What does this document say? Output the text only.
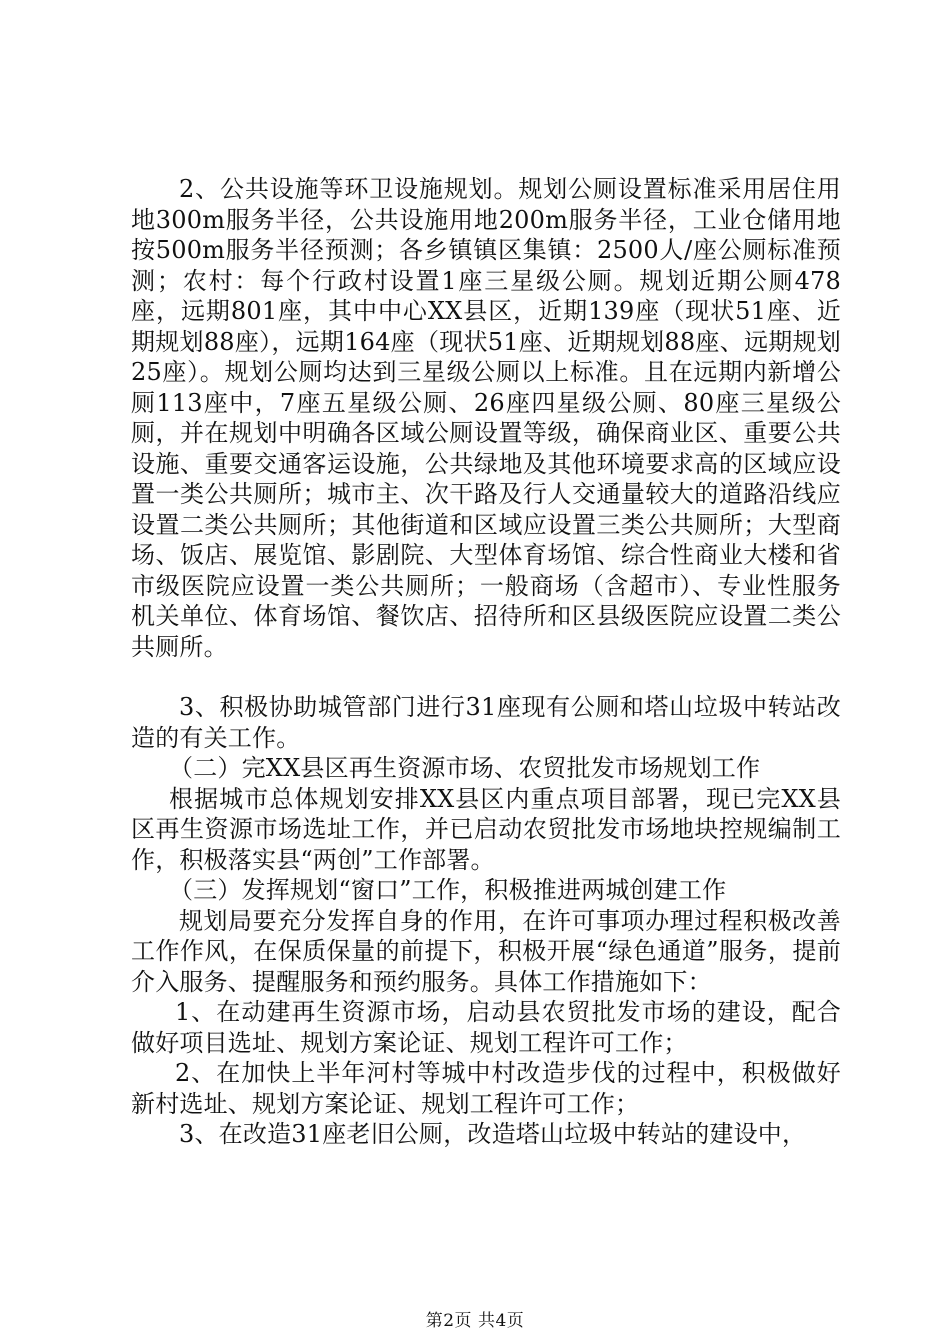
2、公共设施等环卫设施规划。规划公厕设置标准采用居住用地300m服务半径，公共设施用地200m服务半径，工业仓储用地按500m服务半径预测；各乡镇镇区集镇：2500人/座公厕标准预测；农村：每个行政村设置1座三星级公厕。规划近期公厕478座，远期801座，其中中心XX县区，近期139座（现状51座、近期规划88座），远期164座（现状51座、近期规划88座、远期规划25座）。规划公厕均达到三星级公厕以上标准。且在远期内新增公厕113座中，7座五星级公厕、26座四星级公厕、80座三星级公厕，并在规划中明确各区域公厕设置等级，确保商业区、重要公共设施、重要交通客运设施，公共绿地及其他环境要求高的区域应设置一类公共厕所；城市主、次干路及行人交通量较大的道路沿线应设置二类公共厕所；其他街道和区域应设置三类公共厕所；大型商场、饭店、展览馆、影剧院、大型体育场馆、综合性商业大楼和省市级医院应设置一类公共厕所；一般商场（含超市）、专业性服务机关单位、体育场馆、餐饮店、招待所和区县级医院应设置二类公共厕所。

3、积极协助城管部门进行31座现有公厕和塔山垃圾中转站改造的有关工作。

（二）完XX县区再生资源市场、农贸批发市场规划工作

根据城市总体规划安排XX县区内重点项目部署，现已完XX县区再生资源市场选址工作，并已启动农贸批发市场地块控规编制工作，积极落实县“两创”工作部署。

（三）发挥规划“窗口”工作，积极推进两城创建工作

规划局要充分发挥自身的作用，在许可事项办理过程积极改善工作作风，在保质保量的前提下，积极开展“绿色通道”服务，提前介入服务、提醒服务和预约服务。具体工作措施如下：

1、在动建再生资源市场，启动县农贸批发市场的建设，配合做好项目选址、规划方案论证、规划工程许可工作；

2、在加快上半年河村等城中村改造步伐的过程中，积极做好新村选址、规划方案论证、规划工程许可工作；

3、在改造31座老旧公厕，改造塔山垃圾中转站的建设中，

第2页 共4页
